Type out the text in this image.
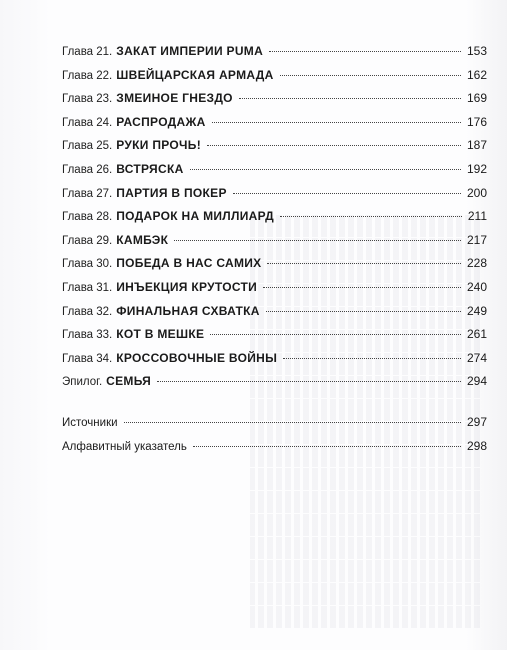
Глава 21. ЗАКАТ ИМПЕРИИ PUMA	153
Глава 22. ШВЕЙЦАРСКАЯ АРМАДА	162
Глава 23. ЗМЕИНОЕ ГНЕЗДО	169
Глава 24. РАСПРОДАЖА	176
Глава 25. РУКИ ПРОЧЬ!	187
Глава 26. ВСТРЯСКА	192
Глава 27. ПАРТИЯ В ПОКЕР	200
Глава 28. ПОДАРОК НА МИЛЛИАРД	211
Глава 29. КАМБЭК	217
Глава 30. ПОБЕДА В НАС САМИХ	228
Глава 31. ИНЪЕКЦИЯ КРУТОСТИ	240
Глава 32. ФИНАЛЬНАЯ СХВАТКА	249
Глава 33. КОТ В МЕШКЕ	261
Глава 34. КРОССОВОЧНЫЕ ВОЙНЫ	274
Эпилог. СЕМЬЯ	294
Источники	297
Алфавитный указатель	298
